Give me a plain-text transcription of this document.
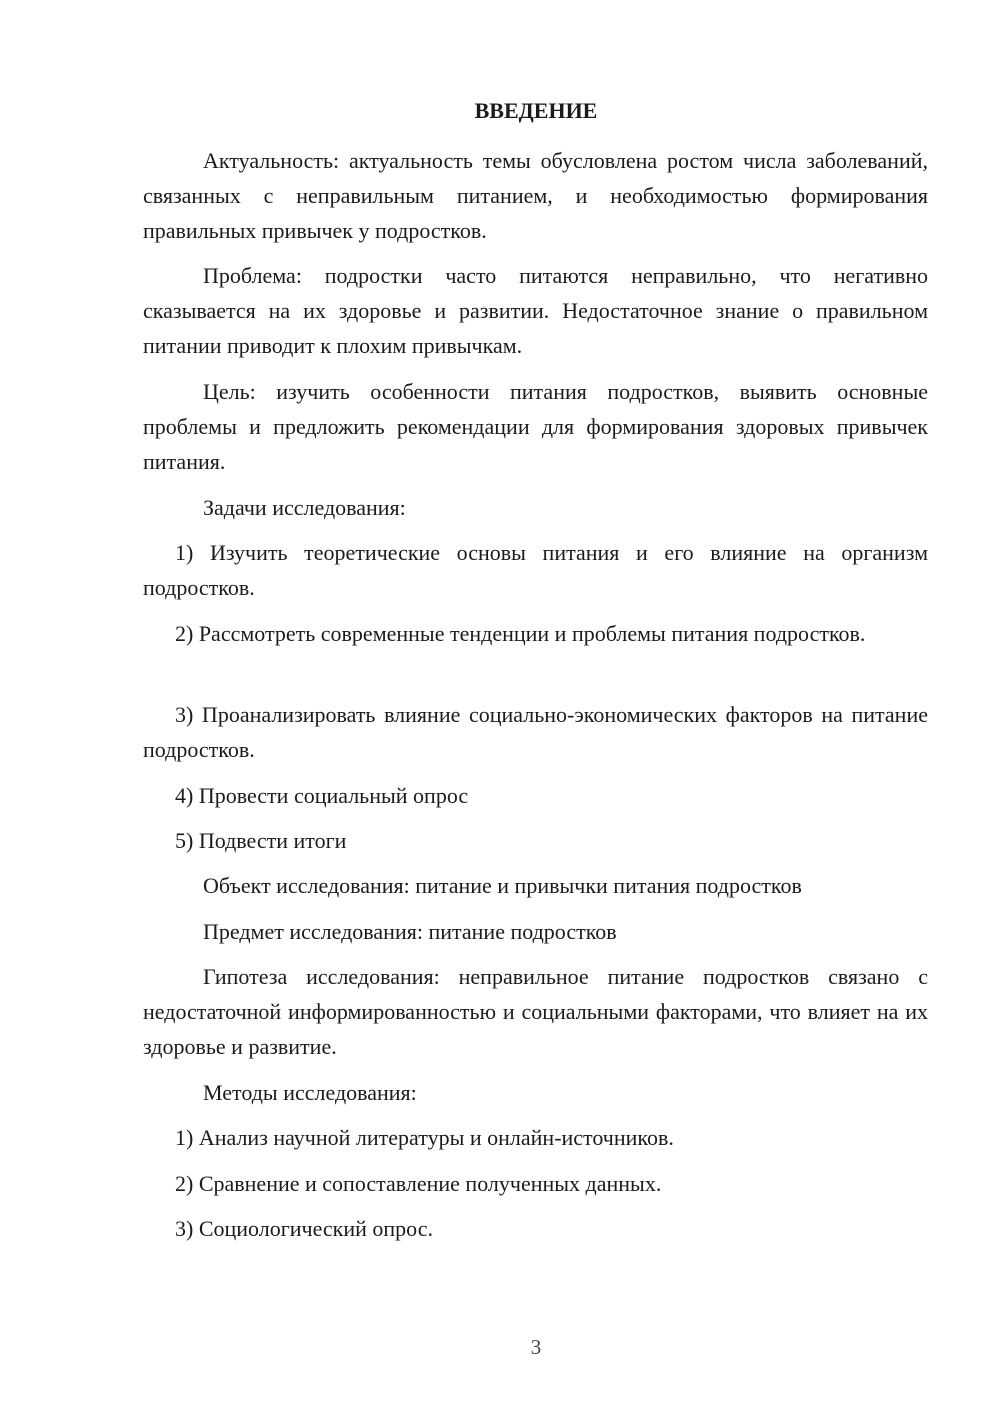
ВВЕДЕНИЕ

Актуальность: актуальность темы обусловлена ростом числа заболеваний, связанных с неправильным питанием, и необходимостью формирования правильных привычек у подростков.

Проблема: подростки часто питаются неправильно, что негативно сказывается на их здоровье и развитии. Недостаточное знание о правильном питании приводит к плохим привычкам.

Цель: изучить особенности питания подростков, выявить основные проблемы и предложить рекомендации для формирования здоровых привычек питания.

Задачи исследования:

1) Изучить теоретические основы питания и его влияние на организм подростков.

2) Рассмотреть современные тенденции и проблемы питания подростков.

3) Проанализировать влияние социально-экономических факторов на питание подростков.

4) Провести социальный опрос

5) Подвести итоги

Объект исследования: питание и привычки питания подростков

Предмет исследования: питание подростков

Гипотеза исследования: неправильное питание подростков связано с недостаточной информированностью и социальными факторами, что влияет на их здоровье и развитие.

Методы исследования:

1) Анализ научной литературы и онлайн-источников.

2) Сравнение и сопоставление полученных данных.

3) Социологический опрос.

3
